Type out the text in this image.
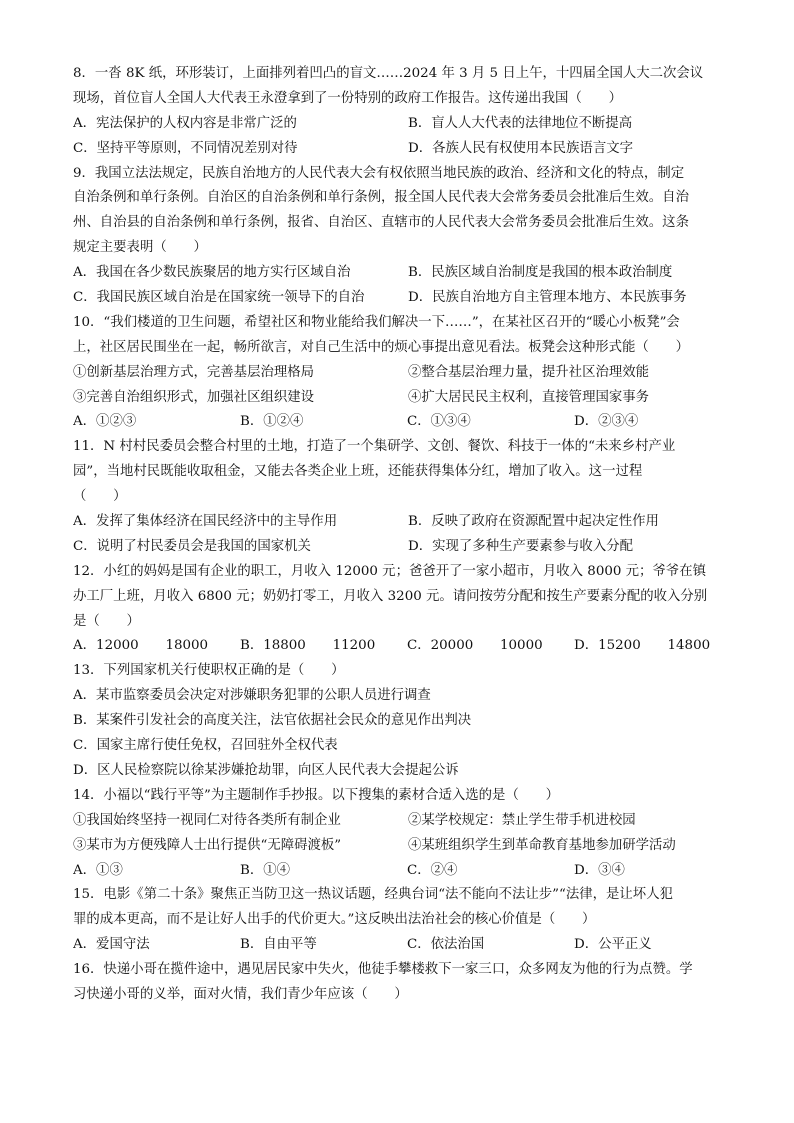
8．一沓 8K 纸，环形装订，上面排列着凹凸的盲文……2024 年 3 月 5 日上午，十四届全国人大二次会议
现场，首位盲人全国人大代表王永澄拿到了一份特别的政府工作报告。这传递出我国（　　）
A．宪法保护的人权内容是非常广泛的	B．盲人人大代表的法律地位不断提高
C．坚持平等原则，不同情况差别对待	D．各族人民有权使用本民族语言文字
9．我国立法法规定，民族自治地方的人民代表大会有权依照当地民族的政治、经济和文化的特点，制定
自治条例和单行条例。自治区的自治条例和单行条例，报全国人民代表大会常务委员会批准后生效。自治
州、自治县的自治条例和单行条例，报省、自治区、直辖市的人民代表大会常务委员会批准后生效。这条
规定主要表明（　　）
A．我国在各少数民族聚居的地方实行区域自治	B．民族区域自治制度是我国的根本政治制度
C．我国民族区域自治是在国家统一领导下的自治	D．民族自治地方自主管理本地方、本民族事务
10．“我们楼道的卫生问题，希望社区和物业能给我们解决一下……”，在某社区召开的“暖心小板凳”会
上，社区居民围坐在一起，畅所欲言，对自己生活中的烦心事提出意见看法。板凳会这种形式能（　　）
①创新基层治理方式，完善基层治理格局	②整合基层治理力量，提升社区治理效能
③完善自治组织形式，加强社区组织建设	④扩大居民民主权利，直接管理国家事务
A．①②③	B．①②④	C．①③④	D．②③④
11．N 村村民委员会整合村里的土地，打造了一个集研学、文创、餐饮、科技于一体的“未来乡村产业
园”，当地村民既能收取租金，又能去各类企业上班，还能获得集体分红，增加了收入。这一过程
（　　）
A．发挥了集体经济在国民经济中的主导作用	B．反映了政府在资源配置中起决定性作用
C．说明了村民委员会是我国的国家机关	D．实现了多种生产要素参与收入分配
12．小红的妈妈是国有企业的职工，月收入 12000 元；爸爸开了一家小超市，月收入 8000 元；爷爷在镇
办工厂上班，月收入 6800 元；奶奶打零工，月收入 3200 元。请问按劳分配和按生产要素分配的收入分别
是（　　）
A．12000　　18000	B．18800　　11200	C．20000　　10000	D．15200　　14800
13．下列国家机关行使职权正确的是（　　）
A．某市监察委员会决定对涉嫌职务犯罪的公职人员进行调查
B．某案件引发社会的高度关注，法官依据社会民众的意见作出判决
C．国家主席行使任免权，召回驻外全权代表
D．区人民检察院以徐某涉嫌抢劫罪，向区人民代表大会提起公诉
14．小福以“践行平等”为主题制作手抄报。以下搜集的素材合适入选的是（　　）
①我国始终坚持一视同仁对待各类所有制企业	②某学校规定：禁止学生带手机进校园
③某市为方便残障人士出行提供“无障碍渡板”	④某班组织学生到革命教育基地参加研学活动
A．①③	B．①④	C．②④	D．③④
15．电影《第二十条》聚焦正当防卫这一热议话题，经典台词“法不能向不法让步”“法律，是让坏人犯
罪的成本更高，而不是让好人出手的代价更大。”这反映出法治社会的核心价值是（　　）
A．爱国守法	B．自由平等	C．依法治国	D．公平正义
16．快递小哥在揽件途中，遇见居民家中失火，他徒手攀楼救下一家三口，众多网友为他的行为点赞。学
习快递小哥的义举，面对火情，我们青少年应该（　　）
